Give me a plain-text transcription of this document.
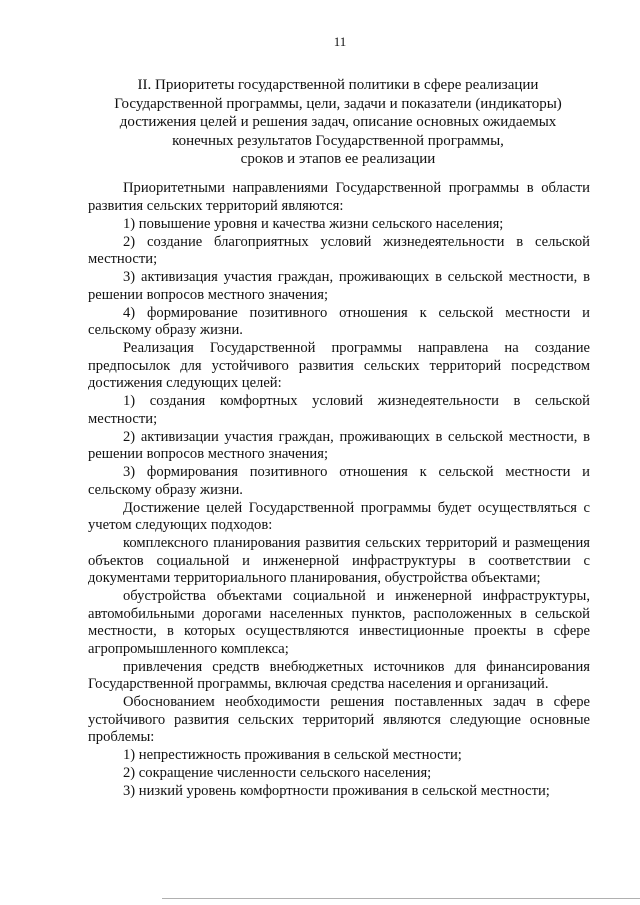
11
II. Приоритеты государственной политики в сфере реализации
Государственной программы, цели, задачи и показатели (индикаторы)
достижения целей и решения задач, описание основных ожидаемых
конечных результатов Государственной программы,
сроков и этапов ее реализации

Приоритетными направлениями Государственной программы в области развития сельских территорий являются:

1) повышение уровня и качества жизни сельского населения;

2) создание благоприятных условий жизнедеятельности в сельской местности;

3) активизация участия граждан, проживающих в сельской местности, в решении вопросов местного значения;

4) формирование позитивного отношения к сельской местности и сельскому образу жизни.

Реализация Государственной программы направлена на создание предпосылок для устойчивого развития сельских территорий посредством достижения следующих целей:

1) создания комфортных условий жизнедеятельности в сельской местности;

2) активизации участия граждан, проживающих в сельской местности, в решении вопросов местного значения;

3) формирования позитивного отношения к сельской местности и сельскому образу жизни.

Достижение целей Государственной программы будет осуществляться с учетом следующих подходов:

комплексного планирования развития сельских территорий и размещения объектов социальной и инженерной инфраструктуры в соответствии с документами территориального планирования, обустройства объектами;

обустройства объектами социальной и инженерной инфраструктуры, автомобильными дорогами населенных пунктов, расположенных в сельской местности, в которых осуществляются инвестиционные проекты в сфере агропромышленного комплекса;

привлечения средств внебюджетных источников для финансирования Государственной программы, включая средства населения и организаций.

Обоснованием необходимости решения поставленных задач в сфере устойчивого развития сельских территорий являются следующие основные проблемы:

1) непрестижность проживания в сельской местности;

2) сокращение численности сельского населения;

3) низкий уровень комфортности проживания в сельской местности;
